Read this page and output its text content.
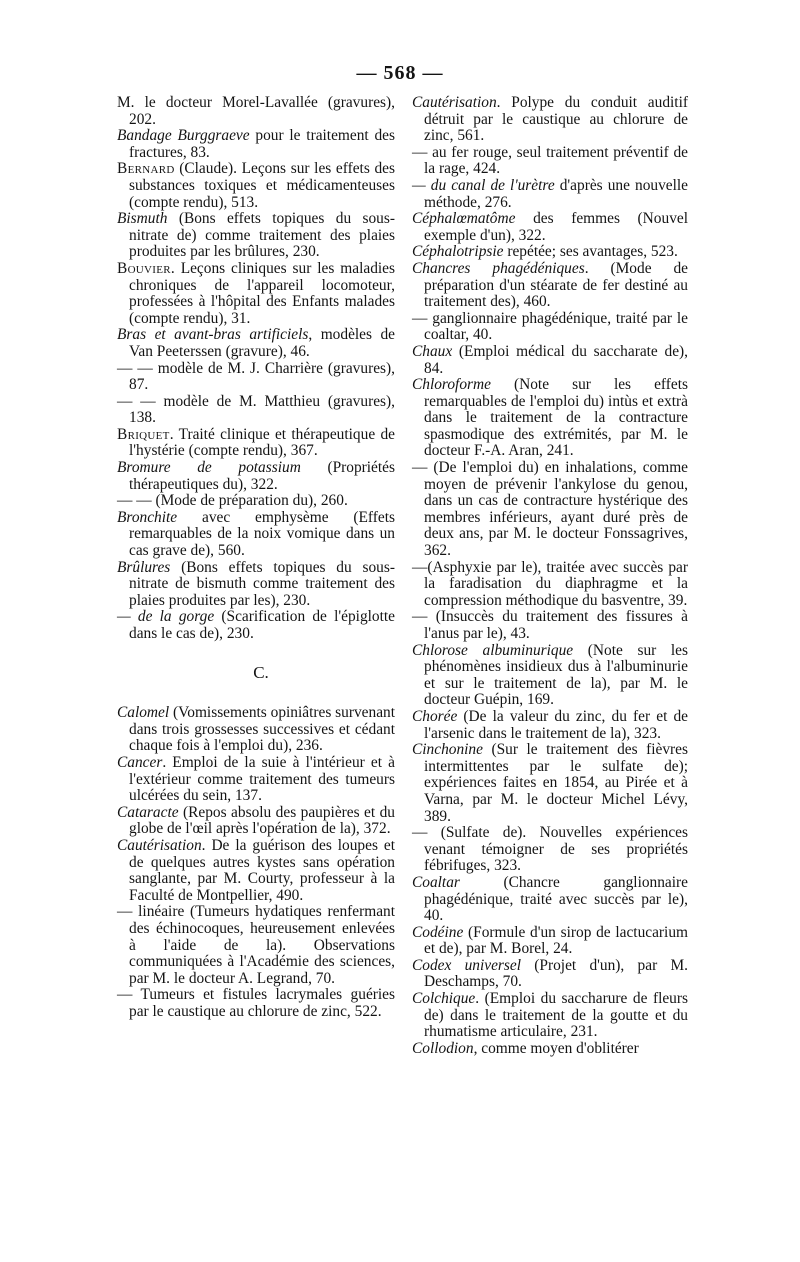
— 568 —

M. le docteur Morel-Lavallée (gravures), 202.

Bandage Burggraeve pour le traitement des fractures, 83.

Bernard (Claude). Leçons sur les effets des substances toxiques et médicamenteuses (compte rendu), 513.

Bismuth (Bons effets topiques du sous-nitrate de) comme traitement des plaies produites par les brûlures, 230.

Bouvier. Leçons cliniques sur les maladies chroniques de l'appareil locomoteur, professées à l'hôpital des Enfants malades (compte rendu), 31.

Bras et avant-bras artificiels, modèles de Van Peeterssen (gravure), 46.

— — modèle de M. J. Charrière (gravures), 87.

— — modèle de M. Matthieu (gravures), 138.

Briquet. Traité clinique et thérapeutique de l'hystérie (compte rendu), 367.

Bromure de potassium (Propriétés thérapeutiques du), 322.

— — (Mode de préparation du), 260.

Bronchite avec emphysème (Effets remarquables de la noix vomique dans un cas grave de), 560.

Brûlures (Bons effets topiques du sous-nitrate de bismuth comme traitement des plaies produites par les), 230.

— de la gorge (Scarification de l'épiglotte dans le cas de), 230.

C.

Calomel (Vomissements opiniâtres survenant dans trois grossesses successives et cédant chaque fois à l'emploi du), 236.

Cancer. Emploi de la suie à l'intérieur et à l'extérieur comme traitement des tumeurs ulcérées du sein, 137.

Cataracte (Repos absolu des paupières et du globe de l'œil après l'opération de la), 372.

Cautérisation. De la guérison des loupes et de quelques autres kystes sans opération sanglante, par M. Courty, professeur à la Faculté de Montpellier, 490.

— linéaire (Tumeurs hydatiques renfermant des échinocoques, heureusement enlevées à l'aide de la). Observations communiquées à l'Académie des sciences, par M. le docteur A. Legrand, 70.

— Tumeurs et fistules lacrymales guéries par le caustique au chlorure de zinc, 522.

Cautérisation. Polype du conduit auditif détruit par le caustique au chlorure de zinc, 561.

— au fer rouge, seul traitement préventif de la rage, 424.

— du canal de l'urètre d'après une nouvelle méthode, 276.

Céphalœmatôme des femmes (Nouvel exemple d'un), 322.

Céphalotripsie repétée; ses avantages, 523.

Chancres phagédéniques. (Mode de préparation d'un stéarate de fer destiné au traitement des), 460.

— ganglionnaire phagédénique, traité par le coaltar, 40.

Chaux (Emploi médical du saccharate de), 84.

Chloroforme (Note sur les effets remarquables de l'emploi du) intùs et extrà dans le traitement de la contracture spasmodique des extrémités, par M. le docteur F.-A. Aran, 241.

— (De l'emploi du) en inhalations, comme moyen de prévenir l'ankylose du genou, dans un cas de contracture hystérique des membres inférieurs, ayant duré près de deux ans, par M. le docteur Fonssagrives, 362.

—(Asphyxie par le), traitée avec succès par la faradisation du diaphragme et la compression méthodique du basventre, 39.

— (Insuccès du traitement des fissures à l'anus par le), 43.

Chlorose albuminurique (Note sur les phénomènes insidieux dus à l'albuminurie et sur le traitement de la), par M. le docteur Guépin, 169.

Chorée (De la valeur du zinc, du fer et de l'arsenic dans le traitement de la), 323.

Cinchonine (Sur le traitement des fièvres intermittentes par le sulfate de); expériences faites en 1854, au Pirée et à Varna, par M. le docteur Michel Lévy, 389.

— (Sulfate de). Nouvelles expériences venant témoigner de ses propriétés fébrifuges, 323.

Coaltar (Chancre ganglionnaire phagédénique, traité avec succès par le), 40.

Codéine (Formule d'un sirop de lactucarium et de), par M. Borel, 24.

Codex universel (Projet d'un), par M. Deschamps, 70.

Colchique. (Emploi du saccharure de fleurs de) dans le traitement de la goutte et du rhumatisme articulaire, 231.

Collodion, comme moyen d'oblitérer
